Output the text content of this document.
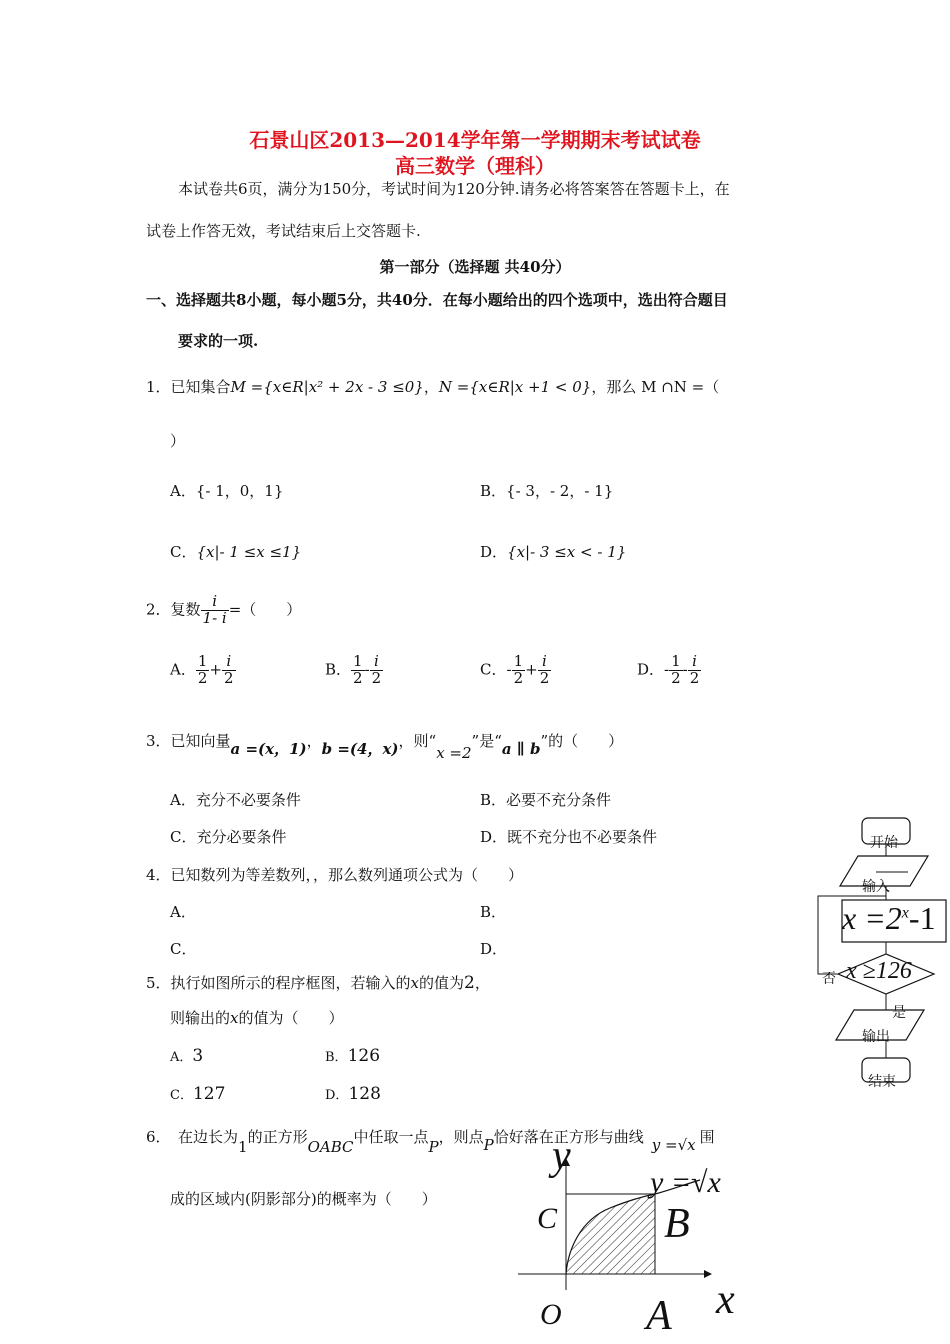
石景山区2013—2014学年第一学期期末考试试卷
高三数学（理科）
本试卷共6页，满分为150分，考试时间为120分钟.请务必将答案答在答题卡上，在
试卷上作答无效，考试结束后上交答题卡.
第一部分（选择题 共40分）
一、选择题共8小题，每小题5分，共40分．在每小题给出的四个选项中，选出符合题目
要求的一项.
1．已知集合M ={x∈R|x² + 2x - 3 ≤0}，N ={x∈R|x +1 < 0}，那么 M ∩N =（
）
A．{- 1，0，1}	B．{- 3，- 2，- 1}
C．{x|- 1 ≤x ≤1}	D．{x|- 3 ≤x < - 1}
2．复数 $\frac{i}{1- i}$ =（　　）
A． $\frac{1}{2} + \frac{i}{2}$	B． $\frac{1}{2} - \frac{i}{2}$	C．- $\frac{1}{2} + \frac{i}{2}$	D．- $\frac{1}{2} - \frac{i}{2}$
3．已知向量a =(x，1)，b =(4，x)，则“x =2”是“a ∥ b”的（　　）
A．充分不必要条件	B．必要不充分条件
C．充分必要条件	D．既不充分也不必要条件
4．已知数列为等差数列，，那么数列通项公式为（　　）
A．	B．
C．	D．
5．执行如图所示的程序框图，若输入的x的值为2，
则输出的x的值为（　　）
A．3	B．126
C．127	D．128
6．　在边长为1的正方形OABC中任取一点P，则点P恰好落在正方形与曲线 y =√x 围
成的区域内(阴影部分)的概率为（　　）
开始
输入
$x =2^x-1$
否 x ≥126
是
输出
结束
y
y =√x
C	B
O A x
